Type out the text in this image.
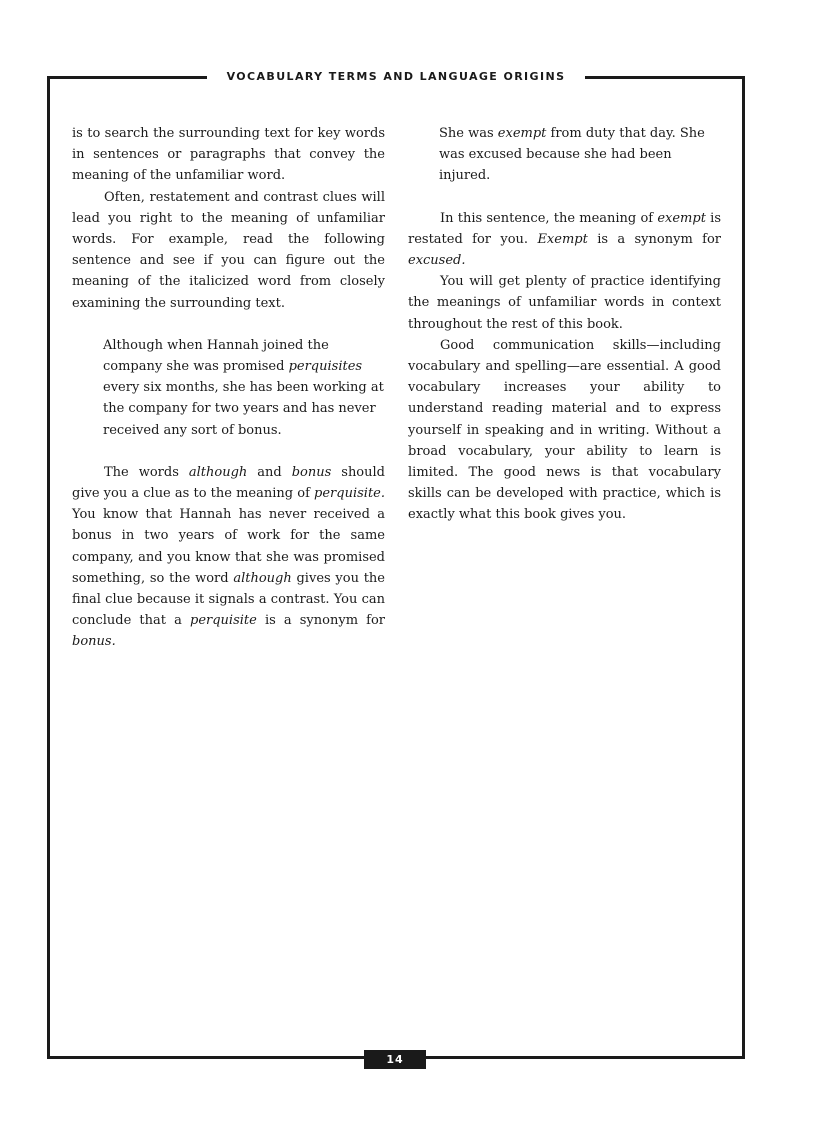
VOCABULARY TERMS AND LANGUAGE ORIGINS
14

is to search the surrounding text for key words in sentences or paragraphs that convey the meaning of the unfamiliar word.

Often, restatement and contrast clues will lead you right to the meaning of unfamiliar words. For example, read the following sentence and see if you can figure out the meaning of the italicized word from closely examining the surrounding text.

Although when Hannah joined the company she was promised perquisites every six months, she has been working at the company for two years and has never received any sort of bonus.

The words although and bonus should give you a clue as to the meaning of perquisite. You know that Hannah has never received a bonus in two years of work for the same company, and you know that she was promised something, so the word although gives you the final clue because it signals a contrast. You can conclude that a perquisite is a synonym for bonus.

She was exempt from duty that day. She was excused because she had been injured.

In this sentence, the meaning of exempt is restated for you. Exempt is a synonym for excused.

You will get plenty of practice identifying the meanings of unfamiliar words in context throughout the rest of this book.

Good communication skills—including vocabulary and spelling—are essential. A good vocabulary increases your ability to understand reading material and to express yourself in speaking and in writing. Without a broad vocabulary, your ability to learn is limited. The good news is that vocabulary skills can be developed with practice, which is exactly what this book gives you.
